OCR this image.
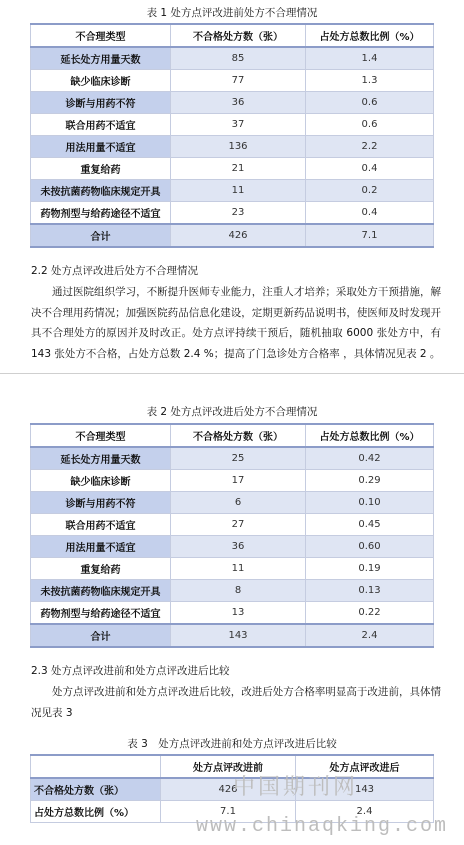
表 1 处方点评改进前处方不合理情况
不合理类型	不合格处方数（张）	占处方总数比例（%）
延长处方用量天数	85	1.4
缺少临床诊断	77	1.3
诊断与用药不符	36	0.6
联合用药不适宜	37	0.6
用法用量不适宜	136	2.2
重复给药	21	0.4
未按抗菌药物临床规定开具	11	0.2
药物剂型与给药途径不适宜	23	0.4
合计	426	7.1
2.2 处方点评改进后处方不合理情况
通过医院组织学习，不断提升医师专业能力，注重人才培养；采取处方干预措施，解决不合理用药情况；加强医院药品信息化建设，定期更新药品说明书，使医师及时发现开具不合理处方的原因并及时改正。处方点评持续干预后，随机抽取 6000 张处方中，有 143 张处方不合格，占处方总数 2.4 %；提高了门急诊处方合格率 ，具体情况见表 2 。
表 2 处方点评改进后处方不合理情况
不合理类型	不合格处方数（张）	占处方总数比例（%）
延长处方用量天数	25	0.42
缺少临床诊断	17	0.29
诊断与用药不符	6	0.10
联合用药不适宜	27	0.45
用法用量不适宜	36	0.60
重复给药	11	0.19
未按抗菌药物临床规定开具	8	0.13
药物剂型与给药途径不适宜	13	0.22
合计	143	2.4
2.3 处方点评改进前和处方点评改进后比较
处方点评改进前和处方点评改进后比较，改进后处方合格率明显高于改进前，具体情况见表 3
表 3　处方点评改进前和处方点评改进后比较
	处方点评改进前	处方点评改进后
不合格处方数（张）	426	143
占处方总数比例（%）	7.1	2.4
中国期刊网
www.chinaqking.com
